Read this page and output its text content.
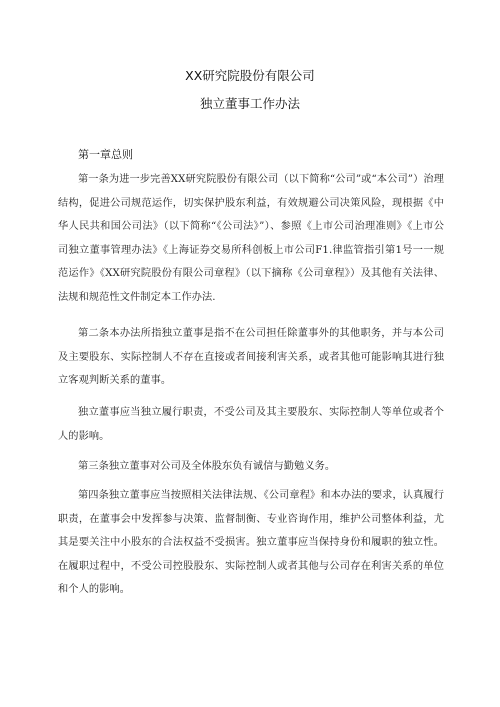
XX研究院股份有限公司
独立董事工作办法
第一章总则

第一条为进一步完善XX研究院股份有限公司（以下简称“公司”或“本公司”）治理结构，促进公司规范运作，切实保护股东利益，有效规避公司决策风险，现根据《中华人民共和国公司法》（以下简称“《公司法》”）、参照《上市公司治理准则》《上市公司独立董事管理办法》《上海证券交易所科创板上市公司F1.律监管指引第1号一一规范运作》《XX研究院股份有限公司章程》（以下摘称《公司章程》）及其他有关法律、法规和规范性文件制定本工作办法.

第二条本办法所指独立董事是指不在公司担任除董事外的其他职务，并与本公司及主要股东、实际控制人不存在直接或者间接利害关系，或者其他可能影响其进行独立客观判断关系的董事。

独立董事应当独立履行职责，不受公司及其主要股东、实际控制人等单位或者个人的影响。

第三条独立董事对公司及全体股东负有诚信与勤勉义务。

第四条独立董事应当按照相关法律法规、《公司章程》和本办法的要求，认真履行职责，在董事会中发挥参与决策、监督制衡、专业咨询作用，维护公司整体利益，尤其是要关注中小股东的合法权益不受损害。独立董事应当保持身份和履职的独立性。在履职过程中，不受公司控股股东、实际控制人或者其他与公司存在利害关系的单位和个人的影响。
